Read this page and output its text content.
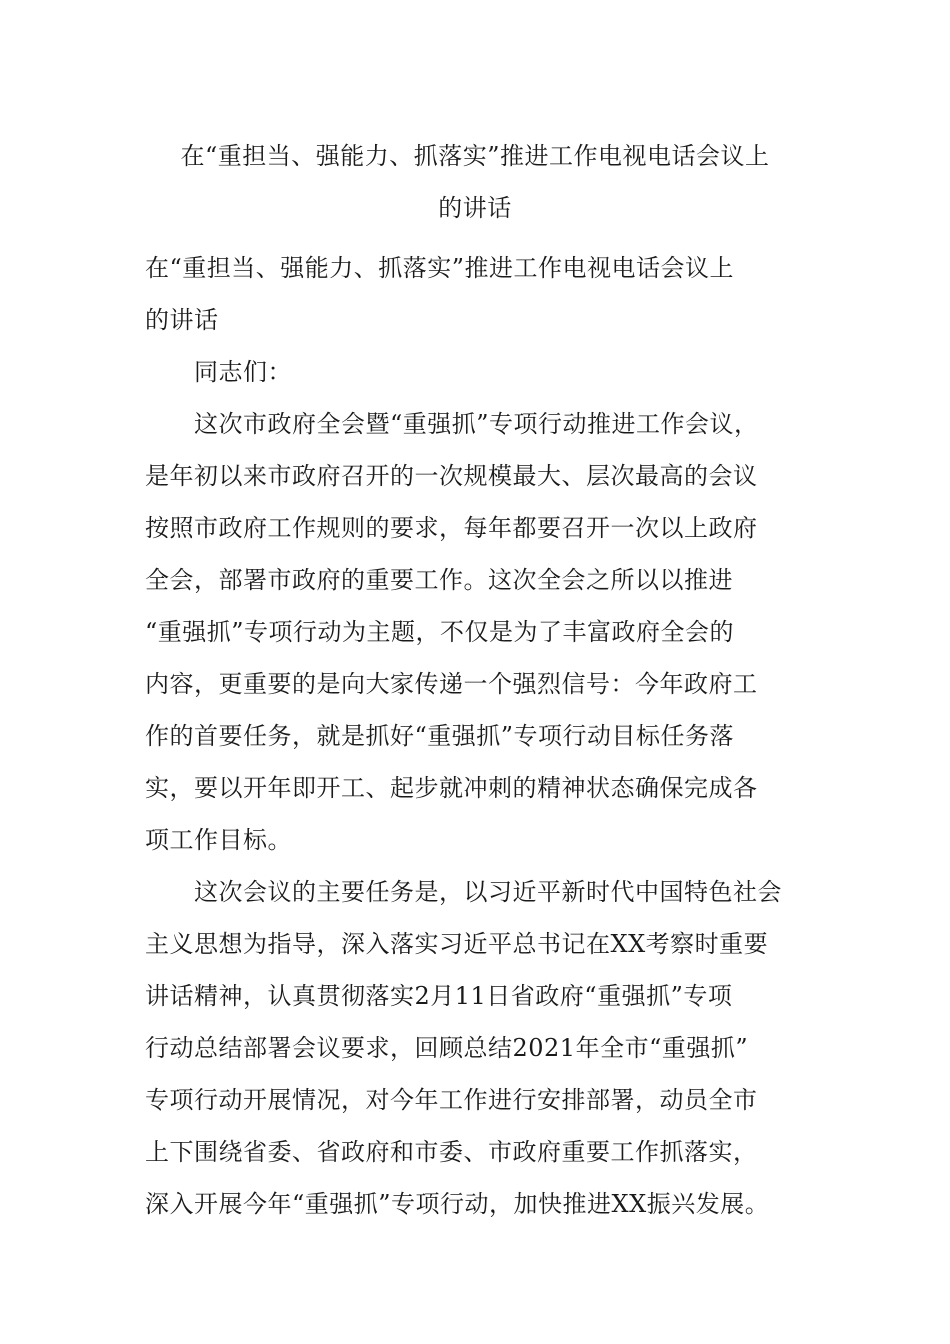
在“重担当、强能力、抓落实”推进工作电视电话会议上
的讲话
在“重担当、强能力、抓落实”推进工作电视电话会议上
的讲话
　　同志们：
　　这次市政府全会暨“重强抓”专项行动推进工作会议，
是年初以来市政府召开的一次规模最大、层次最高的会议
按照市政府工作规则的要求，每年都要召开一次以上政府
全会，部署市政府的重要工作。这次全会之所以以推进
“重强抓”专项行动为主题，不仅是为了丰富政府全会的
内容，更重要的是向大家传递一个强烈信号：今年政府工
作的首要任务，就是抓好“重强抓”专项行动目标任务落
实，要以开年即开工、起步就冲刺的精神状态确保完成各
项工作目标。
　　这次会议的主要任务是，以习近平新时代中国特色社会
主义思想为指导，深入落实习近平总书记在XX考察时重要
讲话精神，认真贯彻落实2月11日省政府“重强抓”专项
行动总结部署会议要求，回顾总结2021年全市“重强抓”
专项行动开展情况，对今年工作进行安排部署，动员全市
上下围绕省委、省政府和市委、市政府重要工作抓落实，
深入开展今年“重强抓”专项行动，加快推进XX振兴发展。
